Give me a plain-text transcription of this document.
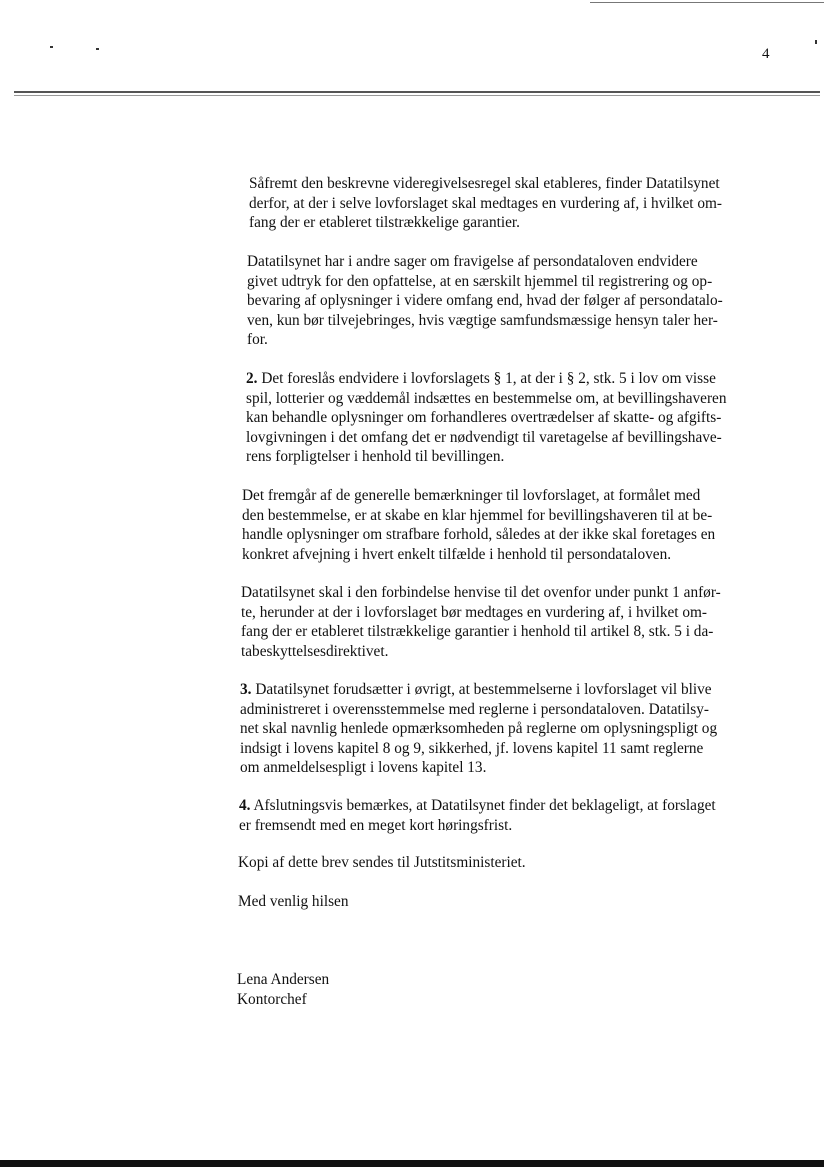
4

Såfremt den beskrevne videregivelsesregel skal etableres, finder Datatilsynet
derfor, at der i selve lovforslaget skal medtages en vurdering af, i hvilket om-
fang der er etableret tilstrækkelige garantier.

Datatilsynet har i andre sager om fravigelse af persondataloven endvidere
givet udtryk for den opfattelse, at en særskilt hjemmel til registrering og op-
bevaring af oplysninger i videre omfang end, hvad der følger af persondatalo-
ven, kun bør tilvejebringes, hvis vægtige samfundsmæssige hensyn taler her-
for.

2. Det foreslås endvidere i lovforslagets § 1, at der i § 2, stk. 5 i lov om visse
spil, lotterier og væddemål indsættes en bestemmelse om, at bevillingshaveren
kan behandle oplysninger om forhandleres overtrædelser af skatte- og afgifts-
lovgivningen i det omfang det er nødvendigt til varetagelse af bevillingshave-
rens forpligtelser i henhold til bevillingen.

Det fremgår af de generelle bemærkninger til lovforslaget, at formålet med
den bestemmelse, er at skabe en klar hjemmel for bevillingshaveren til at be-
handle oplysninger om strafbare forhold, således at der ikke skal foretages en
konkret afvejning i hvert enkelt tilfælde i henhold til persondataloven.

Datatilsynet skal i den forbindelse henvise til det ovenfor under punkt 1 anfør-
te, herunder at der i lovforslaget bør medtages en vurdering af, i hvilket om-
fang der er etableret tilstrækkelige garantier i henhold til artikel 8, stk. 5 i da-
tabeskyttelsesdirektivet.

3. Datatilsynet forudsætter i øvrigt, at bestemmelserne i lovforslaget vil blive
administreret i overensstemmelse med reglerne i persondataloven. Datatilsy-
net skal navnlig henlede opmærksomheden på reglerne om oplysningspligt og
indsigt i lovens kapitel 8 og 9, sikkerhed, jf. lovens kapitel 11 samt reglerne
om anmeldelsespligt i lovens kapitel 13.

4. Afslutningsvis bemærkes, at Datatilsynet finder det beklageligt, at forslaget
er fremsendt med en meget kort høringsfrist.

Kopi af dette brev sendes til Jutstitsministeriet.

Med venlig hilsen

Lena Andersen
Kontorchef
